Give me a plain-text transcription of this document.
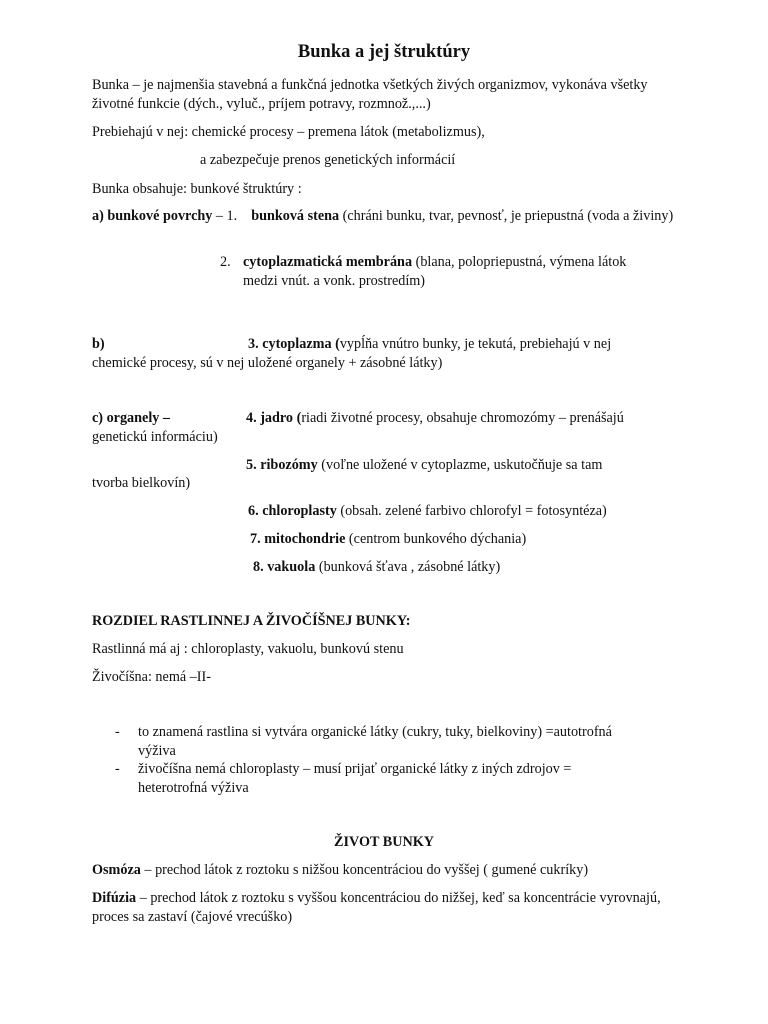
Bunka a jej štruktúry

Bunka – je najmenšia stavebná a funkčná jednotka všetkých živých organizmov, vykonáva všetky životné funkcie (dých., vyluč., príjem potravy, rozmnož.,...)

Prebiehajú v nej: chemické procesy – premena látok (metabolizmus),
a zabezpečuje prenos genetických informácií
Bunka obsahuje: bunkové štruktúry :

a) bunkové povrchy – 1. bunková stena (chráni bunku, tvar, pevnosť, je priepustná (voda a živiny)

2. cytoplazmatická membrána (blana, polopriepustná, výmena látok
medzi vnút. a vonk. prostredím)
b)	3. cytoplazma (vypĺňa vnútro bunky, je tekutá, prebiehajú v nej
chemické procesy, sú v nej uložené organely + zásobné látky)
c) organely –	4. jadro (riadi životné procesy, obsahuje chromozómy – prenášajú
genetickú informáciu)
5. ribozómy (voľne uložené v cytoplazme, uskutočňuje sa tam
tvorba bielkovín)
6. chloroplasty (obsah. zelené farbivo chlorofyl = fotosyntéza)
7. mitochondrie (centrom bunkového dýchania)
8. vakuola (bunková šťava , zásobné látky)
ROZDIEL RASTLINNEJ A ŽIVOČÍŠNEJ BUNKY:
Rastlinná má aj : chloroplasty, vakuolu, bunkovú stenu
Živočíšna: nemá –II-
- to znamená rastlina si vytvára organické látky (cukry, tuky, bielkoviny) =autotrofná
výživa
- živočíšna nemá chloroplasty – musí prijať organické látky z iných zdrojov =
heterotrofná výživa
ŽIVOT BUNKY

Osmóza – prechod látok z roztoku s nižšou koncentráciou do vyššej ( gumené cukríky)

Difúzia – prechod látok z roztoku s vyššou koncentráciou do nižšej, keď sa koncentrácie vyrovnajú, proces sa zastaví (čajové vrecúško)
